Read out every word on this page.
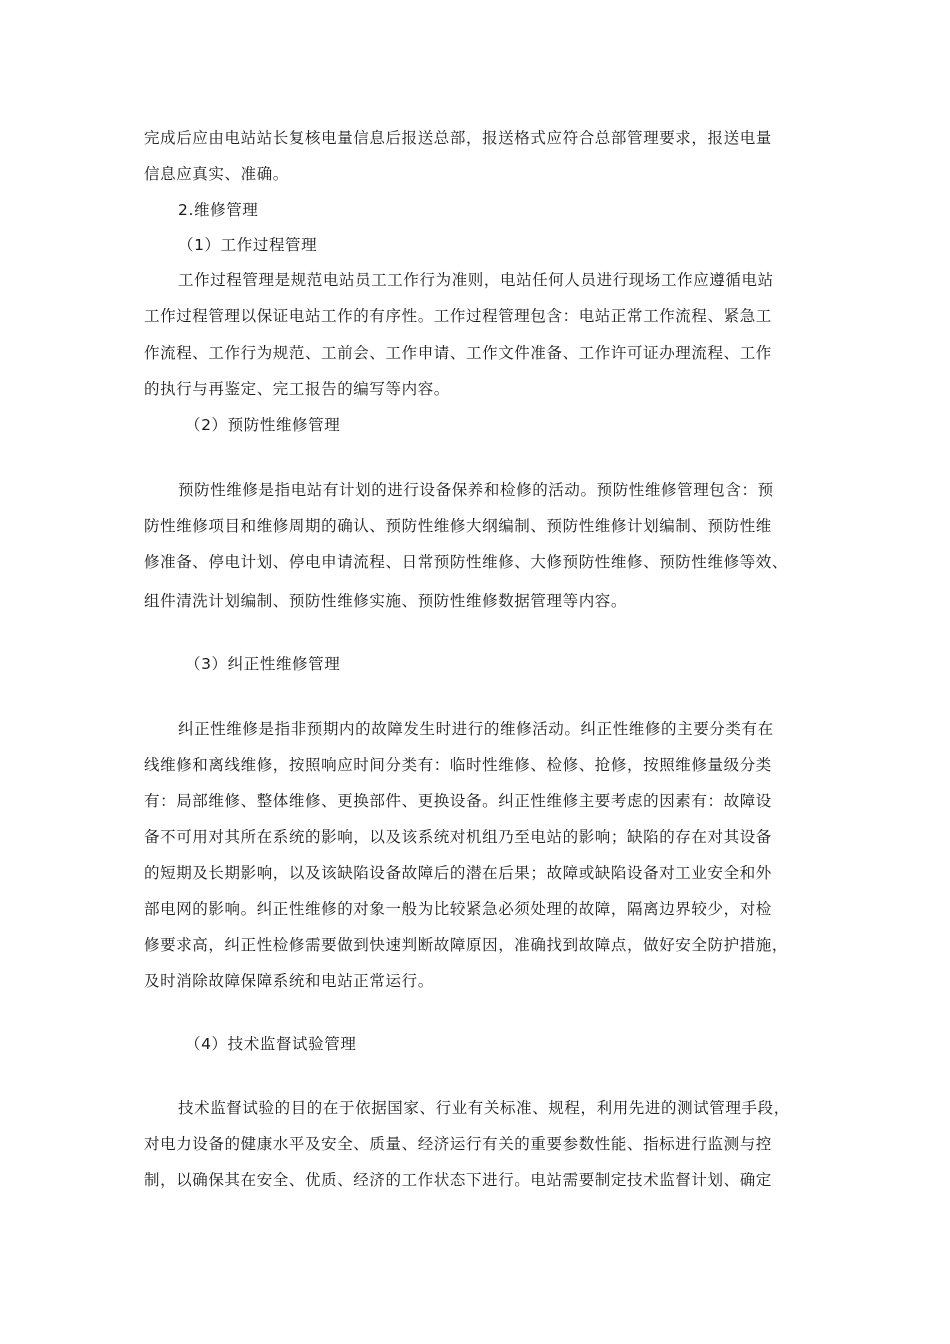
完成后应由电站站长复核电量信息后报送总部，报送格式应符合总部管理要求，报送电量
信息应真实、准确。
2.维修管理
（1）工作过程管理
工作过程管理是规范电站员工工作行为准则，电站任何人员进行现场工作应遵循电站
工作过程管理以保证电站工作的有序性。工作过程管理包含：电站正常工作流程、紧急工
作流程、工作行为规范、工前会、工作申请、工作文件准备、工作许可证办理流程、工作
的执行与再鉴定、完工报告的编写等内容。
（2）预防性维修管理
预防性维修是指电站有计划的进行设备保养和检修的活动。预防性维修管理包含：预
防性维修项目和维修周期的确认、预防性维修大纲编制、预防性维修计划编制、预防性维
修准备、停电计划、停电申请流程、日常预防性维修、大修预防性维修、预防性维修等效、
组件清洗计划编制、预防性维修实施、预防性维修数据管理等内容。
（3）纠正性维修管理
纠正性维修是指非预期内的故障发生时进行的维修活动。纠正性维修的主要分类有在
线维修和离线维修，按照响应时间分类有：临时性维修、检修、抢修，按照维修量级分类
有：局部维修、整体维修、更换部件、更换设备。纠正性维修主要考虑的因素有：故障设
备不可用对其所在系统的影响，以及该系统对机组乃至电站的影响；缺陷的存在对其设备
的短期及长期影响，以及该缺陷设备故障后的潜在后果；故障或缺陷设备对工业安全和外
部电网的影响。纠正性维修的对象一般为比较紧急必须处理的故障，隔离边界较少，对检
修要求高，纠正性检修需要做到快速判断故障原因，准确找到故障点，做好安全防护措施，
及时消除故障保障系统和电站正常运行。
（4）技术监督试验管理
技术监督试验的目的在于依据国家、行业有关标准、规程，利用先进的测试管理手段，
对电力设备的健康水平及安全、质量、经济运行有关的重要参数性能、指标进行监测与控
制，以确保其在安全、优质、经济的工作状态下进行。电站需要制定技术监督计划、确定
